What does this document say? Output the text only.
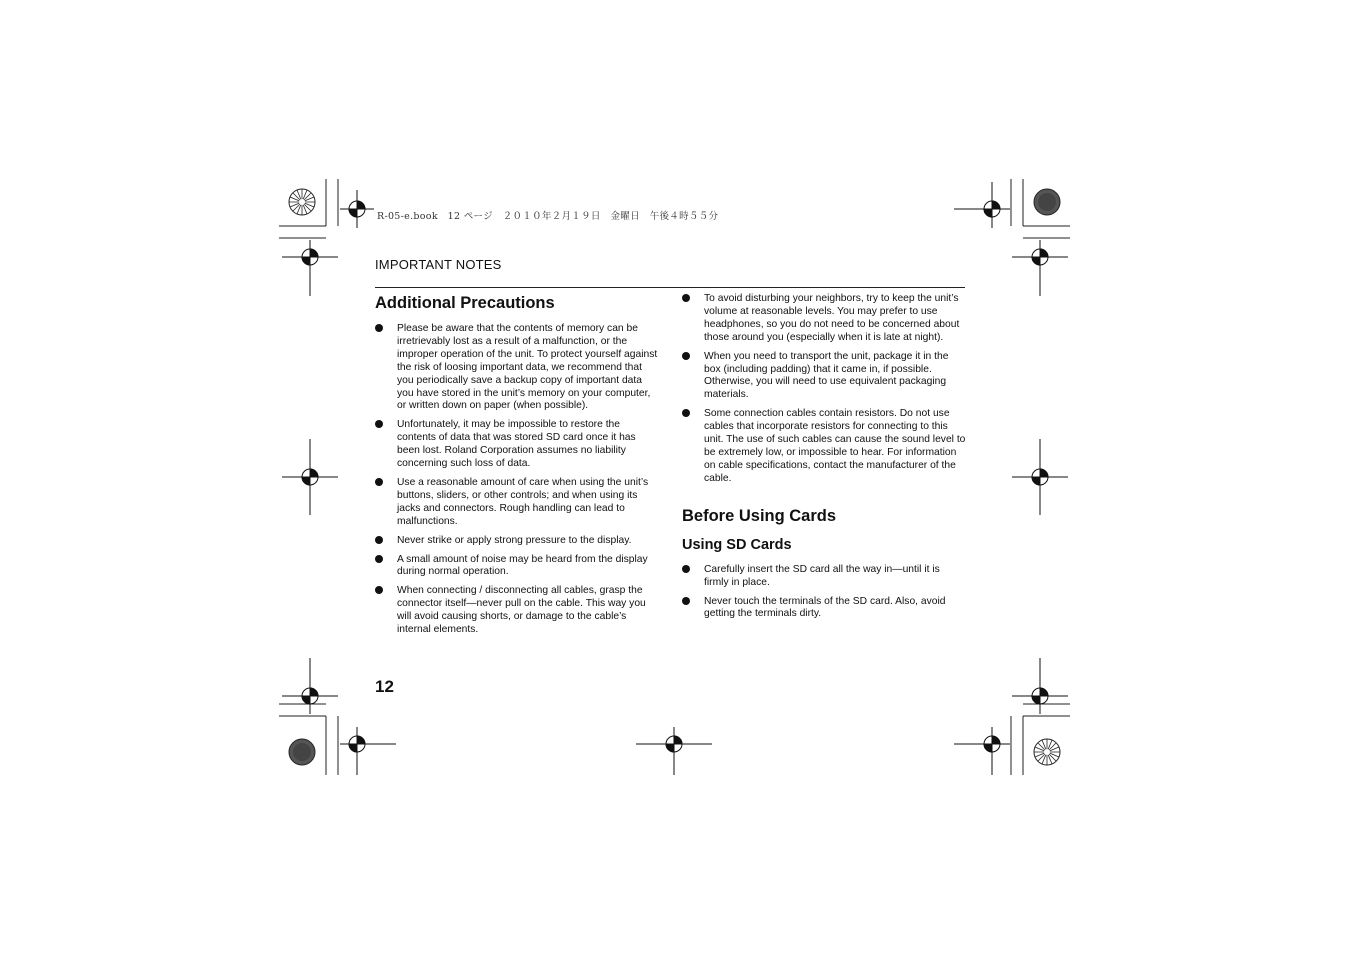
R-05-e.book　12 ページ　２０１０年２月１９日　金曜日　午後４時５５分
IMPORTANT NOTES
Additional Precautions
Please be aware that the contents of memory can be irretrievably lost as a result of a malfunction, or the improper operation of the unit. To protect yourself against the risk of loosing important data, we recommend that you periodically save a backup copy of important data you have stored in the unit’s memory on your computer, or written down on paper (when possible).
Unfortunately, it may be impossible to restore the contents of data that was stored SD card once it has been lost. Roland Corporation assumes no liability concerning such loss of data.
Use a reasonable amount of care when using the unit’s buttons, sliders, or other controls; and when using its jacks and connectors. Rough handling can lead to malfunctions.
Never strike or apply strong pressure to the display.
A small amount of noise may be heard from the display during normal operation.
When connecting / disconnecting all cables, grasp the connector itself—never pull on the cable. This way you will avoid causing shorts, or damage to the cable’s internal elements.
To avoid disturbing your neighbors, try to keep the unit’s volume at reasonable levels. You may prefer to use headphones, so you do not need to be concerned about those around you (especially when it is late at night).
When you need to transport the unit, package it in the box (including padding) that it came in, if possible. Otherwise, you will need to use equivalent packaging materials.
Some connection cables contain resistors. Do not use cables that incorporate resistors for connecting to this unit. The use of such cables can cause the sound level to be extremely low, or impossible to hear. For information on cable specifications, contact the manufacturer of the cable.
Before Using Cards
Using SD Cards
Carefully insert the SD card all the way in—until it is firmly in place.
Never touch the terminals of the SD card. Also, avoid getting the terminals dirty.
12
